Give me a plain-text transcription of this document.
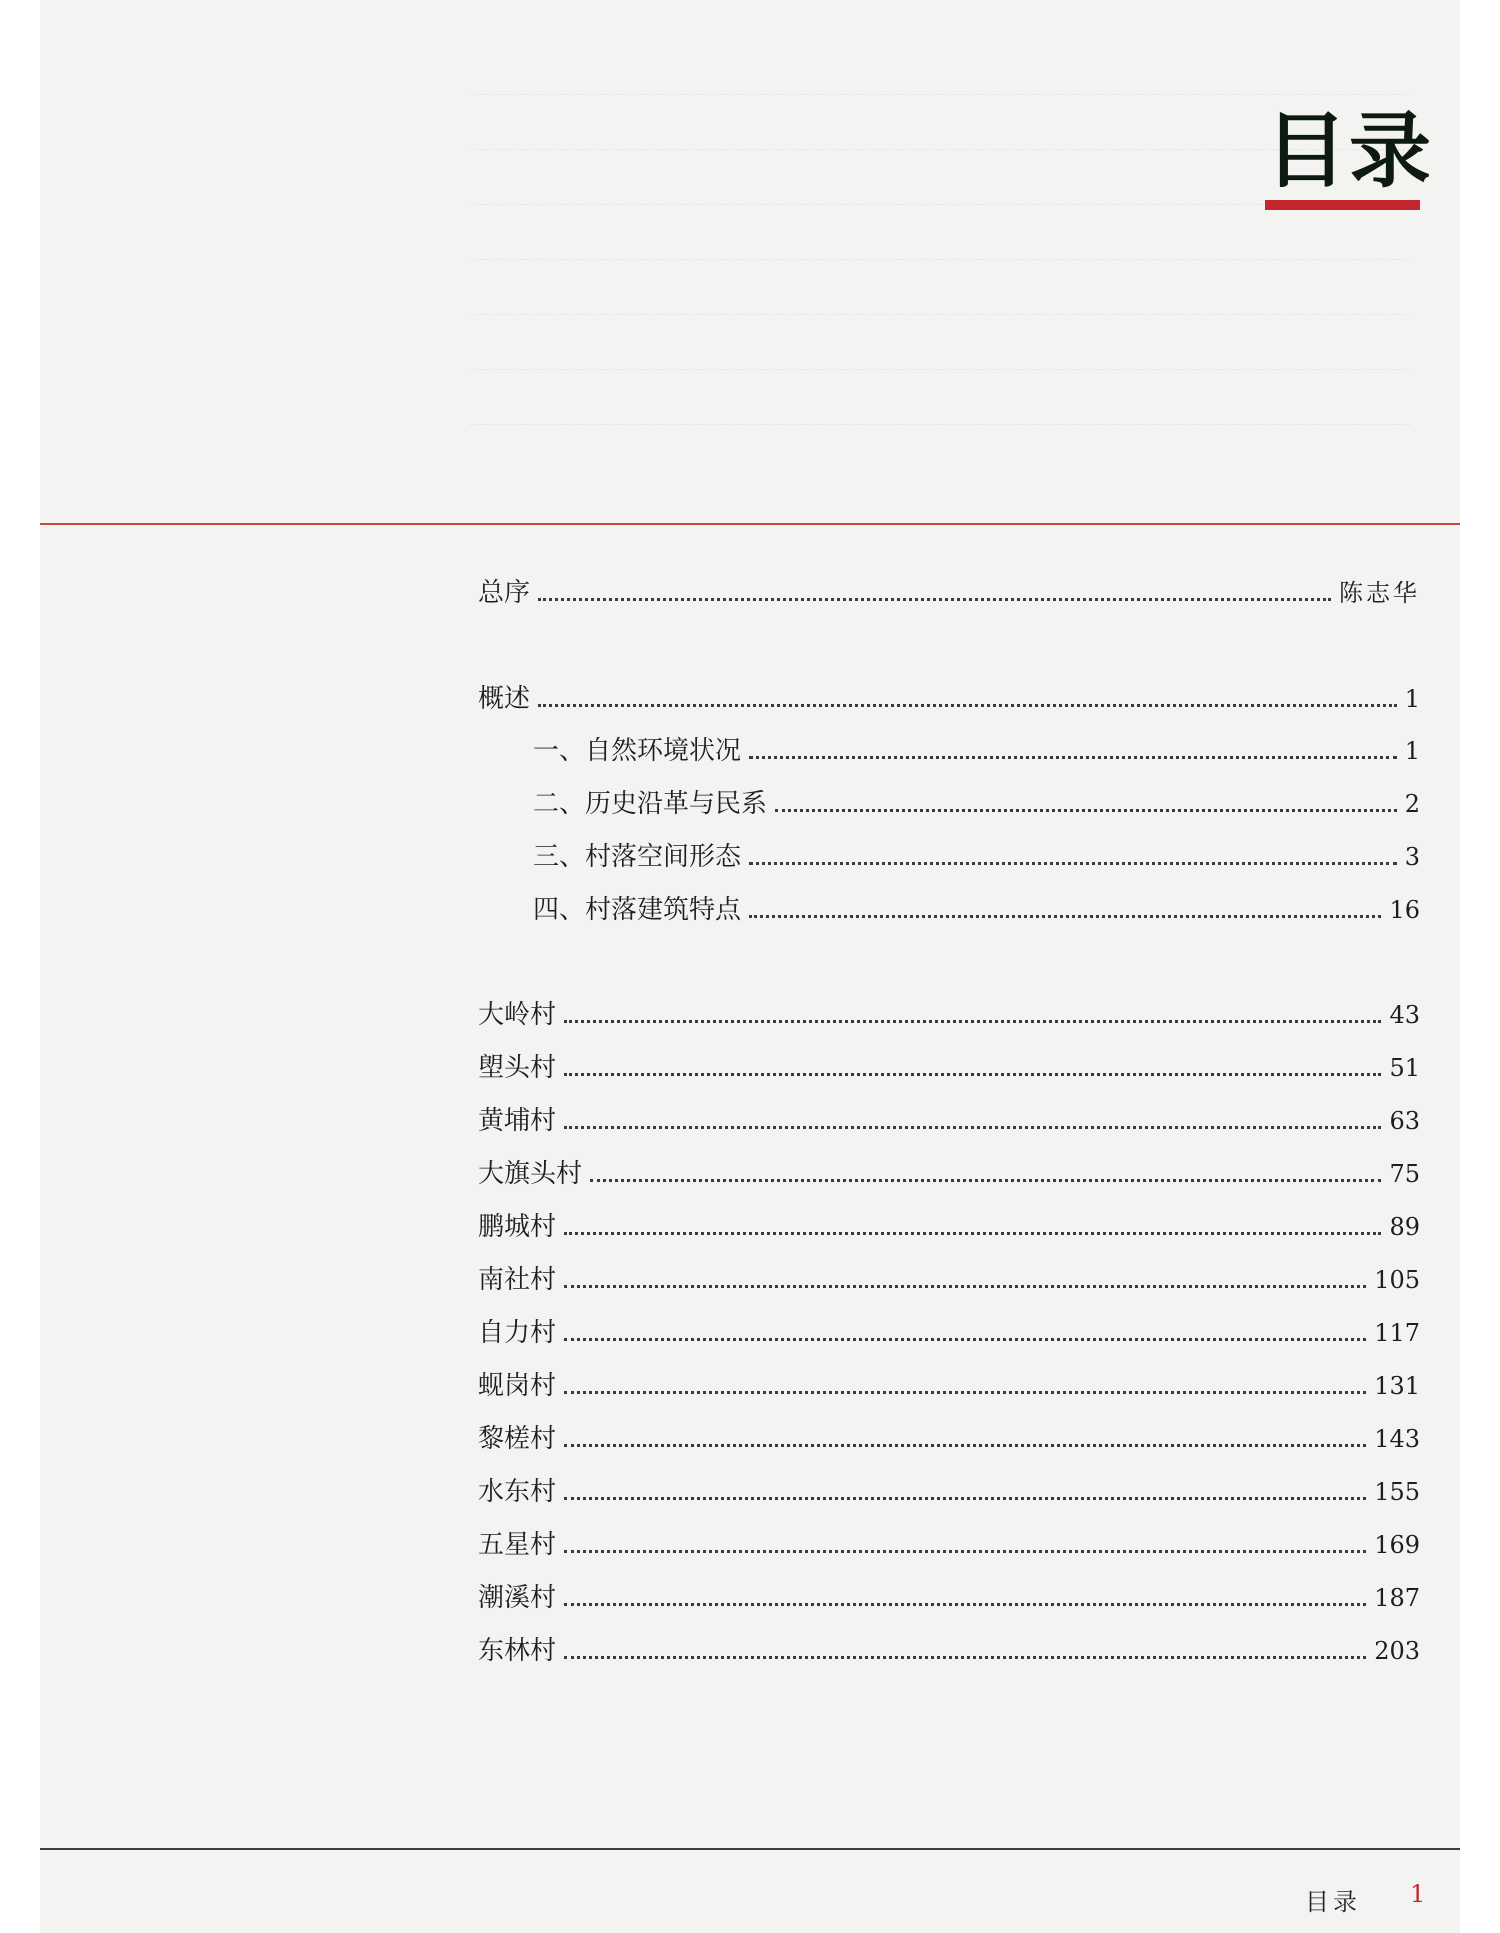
目录
总序	陈志华
概述	1
一、自然环境状况	1
二、历史沿革与民系	2
三、村落空间形态	3
四、村落建筑特点	16
大岭村	43
塱头村	51
黄埔村	63
大旗头村	75
鹏城村	89
南社村	105
自力村	117
蚬岗村	131
黎槎村	143
水东村	155
五星村	169
潮溪村	187
东林村	203
目录 1
